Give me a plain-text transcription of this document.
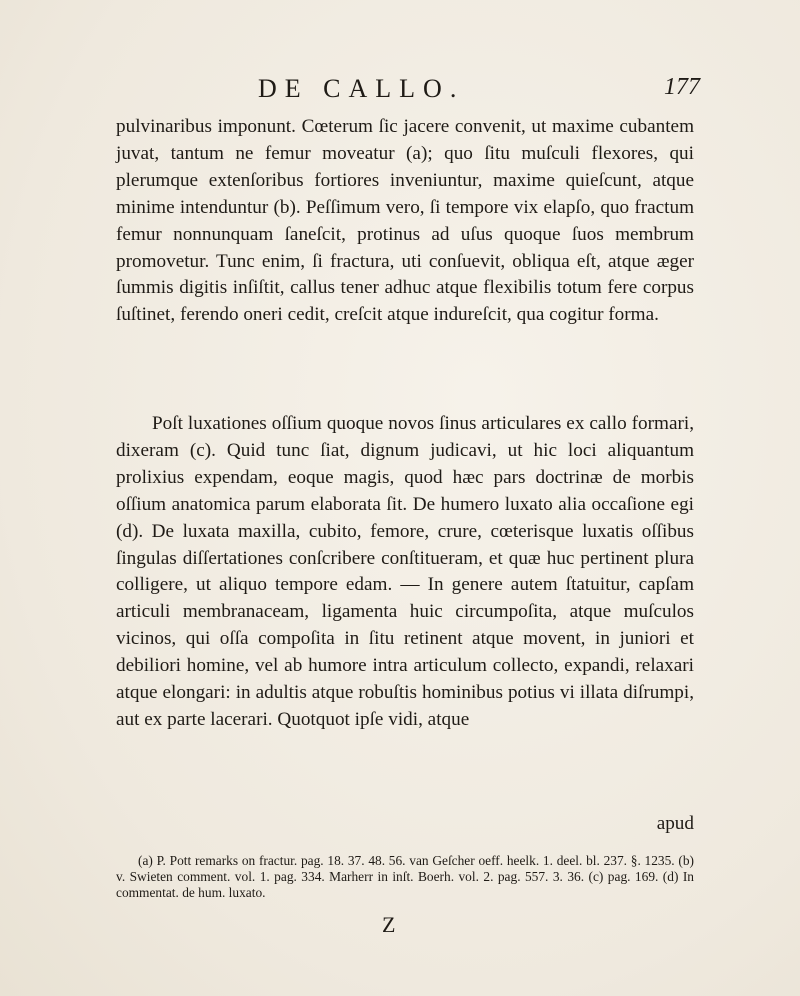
DE CALLO.	177

pulvinaribus imponunt. Cœterum ſic jacere convenit, ut maxime cubantem juvat, tantum ne femur moveatur (a); quo ſitu muſculi flexores, qui plerumque extenſoribus fortiores inveniuntur, maxime quieſcunt, atque minime intenduntur (b). Peſſimum vero, ſi tempore vix elapſo, quo fractum femur nonnunquam ſaneſcit, protinus ad uſus quoque ſuos membrum promovetur. Tunc enim, ſi fractura, uti conſuevit, obliqua eſt, atque æger ſummis digitis inſiſtit, callus tener adhuc atque flexibilis totum fere corpus ſuſtinet, ferendo oneri cedit, creſcit atque indureſcit, qua cogitur forma.

Poſt luxationes oſſium quoque novos ſinus articulares ex callo formari, dixeram (c). Quid tunc ſiat, dignum judicavi, ut hic loci aliquantum prolixius expendam, eoque magis, quod hæc pars doctrinæ de morbis oſſium anatomica parum elaborata ſit. De humero luxato alia occaſione egi (d). De luxata maxilla, cubito, femore, crure, cœterisque luxatis oſſibus ſingulas diſſertationes conſcribere conſtitueram, et quæ huc pertinent plura colligere, ut aliquo tempore edam. — In genere autem ſtatuitur, capſam articuli membranaceam, ligamenta huic circumpoſita, atque muſculos vicinos, qui oſſa compoſita in ſitu retinent atque movent, in juniori et debiliori homine, vel ab humore intra articulum collecto, expandi, relaxari atque elongari: in adultis atque robuſtis hominibus potius vi illata diſrumpi, aut ex parte lacerari. Quotquot ipſe vidi, atque

apud

(a) P. Pott remarks on fractur. pag. 18. 37. 48. 56. van Geſcher oeff. heelk. 1. deel. bl. 237. §. 1235. (b) v. Swieten comment. vol. 1. pag. 334. Marherr in inſt. Boerh. vol. 2. pag. 557. 3. 36. (c) pag. 169. (d) In commentat. de hum. luxato.

Z
